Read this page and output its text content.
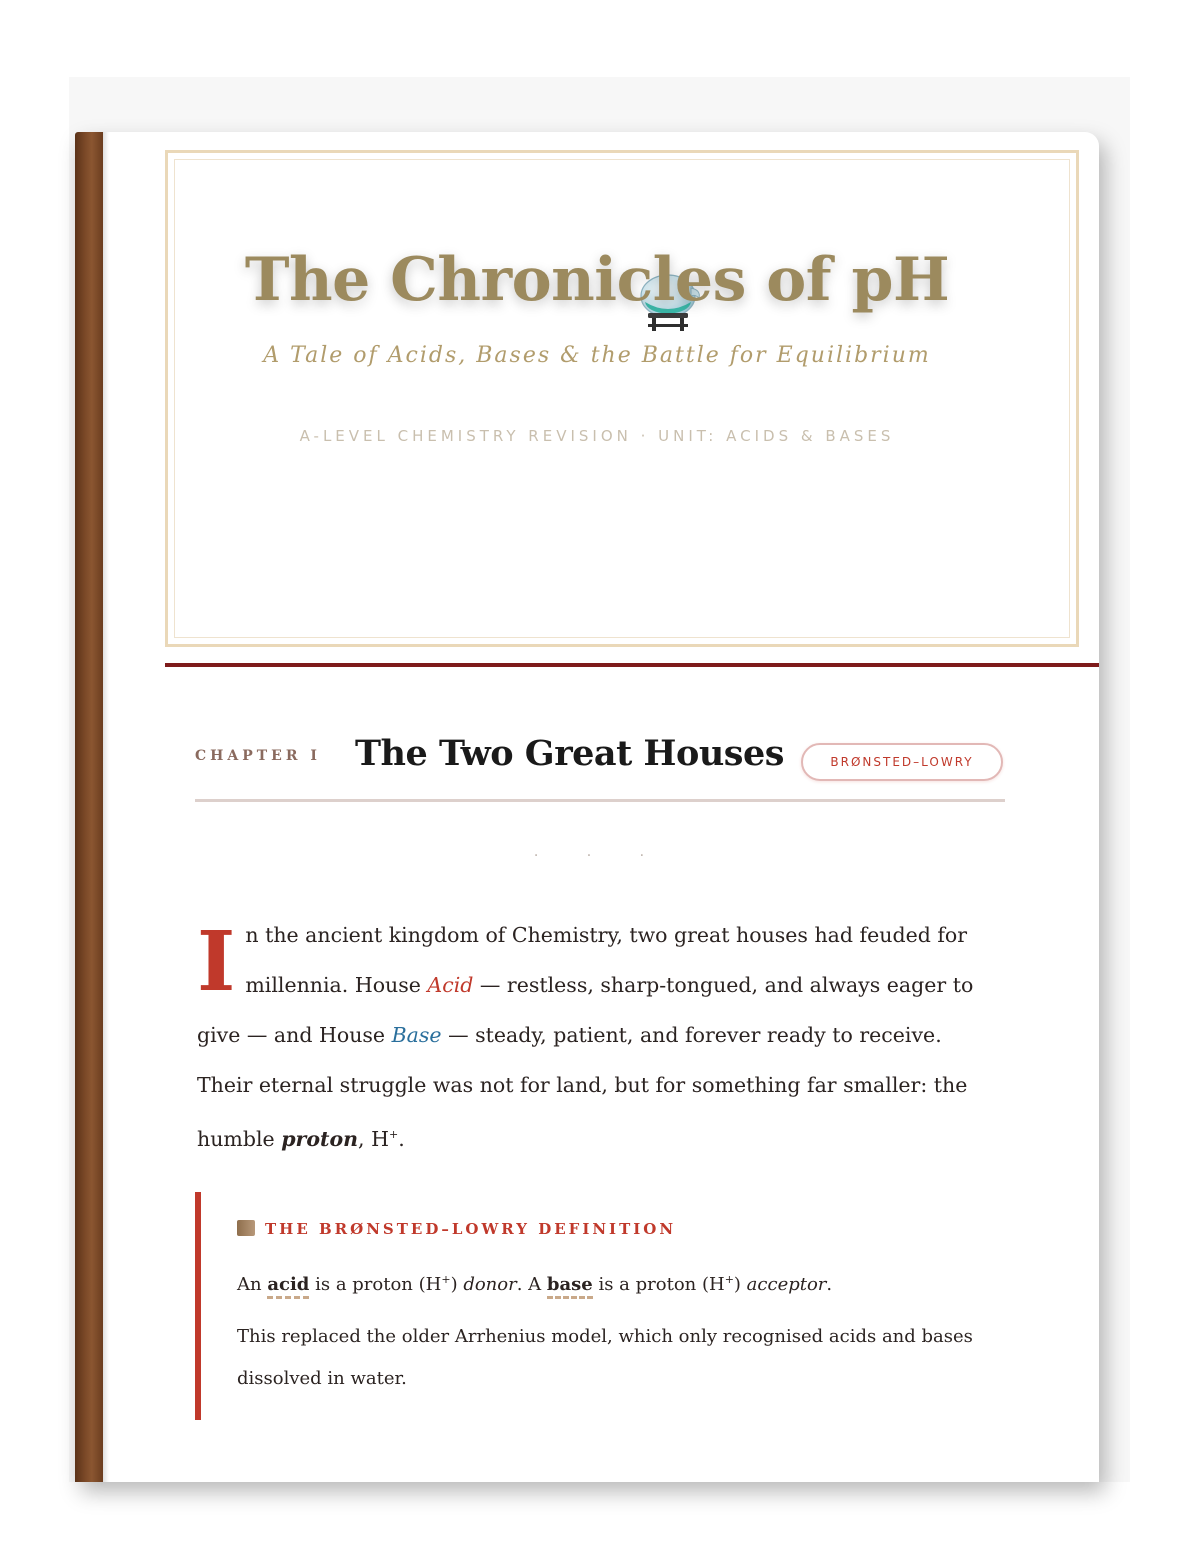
The Chronicles of pH
A Tale of Acids, Bases & the Battle for Equilibrium
A-LEVEL CHEMISTRY REVISION · UNIT: ACIDS & BASES
CHAPTER I The Two Great Houses	BRØNSTED–LOWRY
· · ·

In the ancient kingdom of Chemistry, two great houses had feuded for millennia. House Acid — restless, sharp-tongued, and always eager to give — and House Base — steady, patient, and forever ready to receive. Their eternal struggle was not for land, but for something far smaller: the humble proton, H+.

THE BRØNSTED–LOWRY DEFINITION
An acid is a proton (H+) donor. A base is a proton (H+) acceptor.
This replaced the older Arrhenius model, which only recognised acids and bases dissolved in water.
